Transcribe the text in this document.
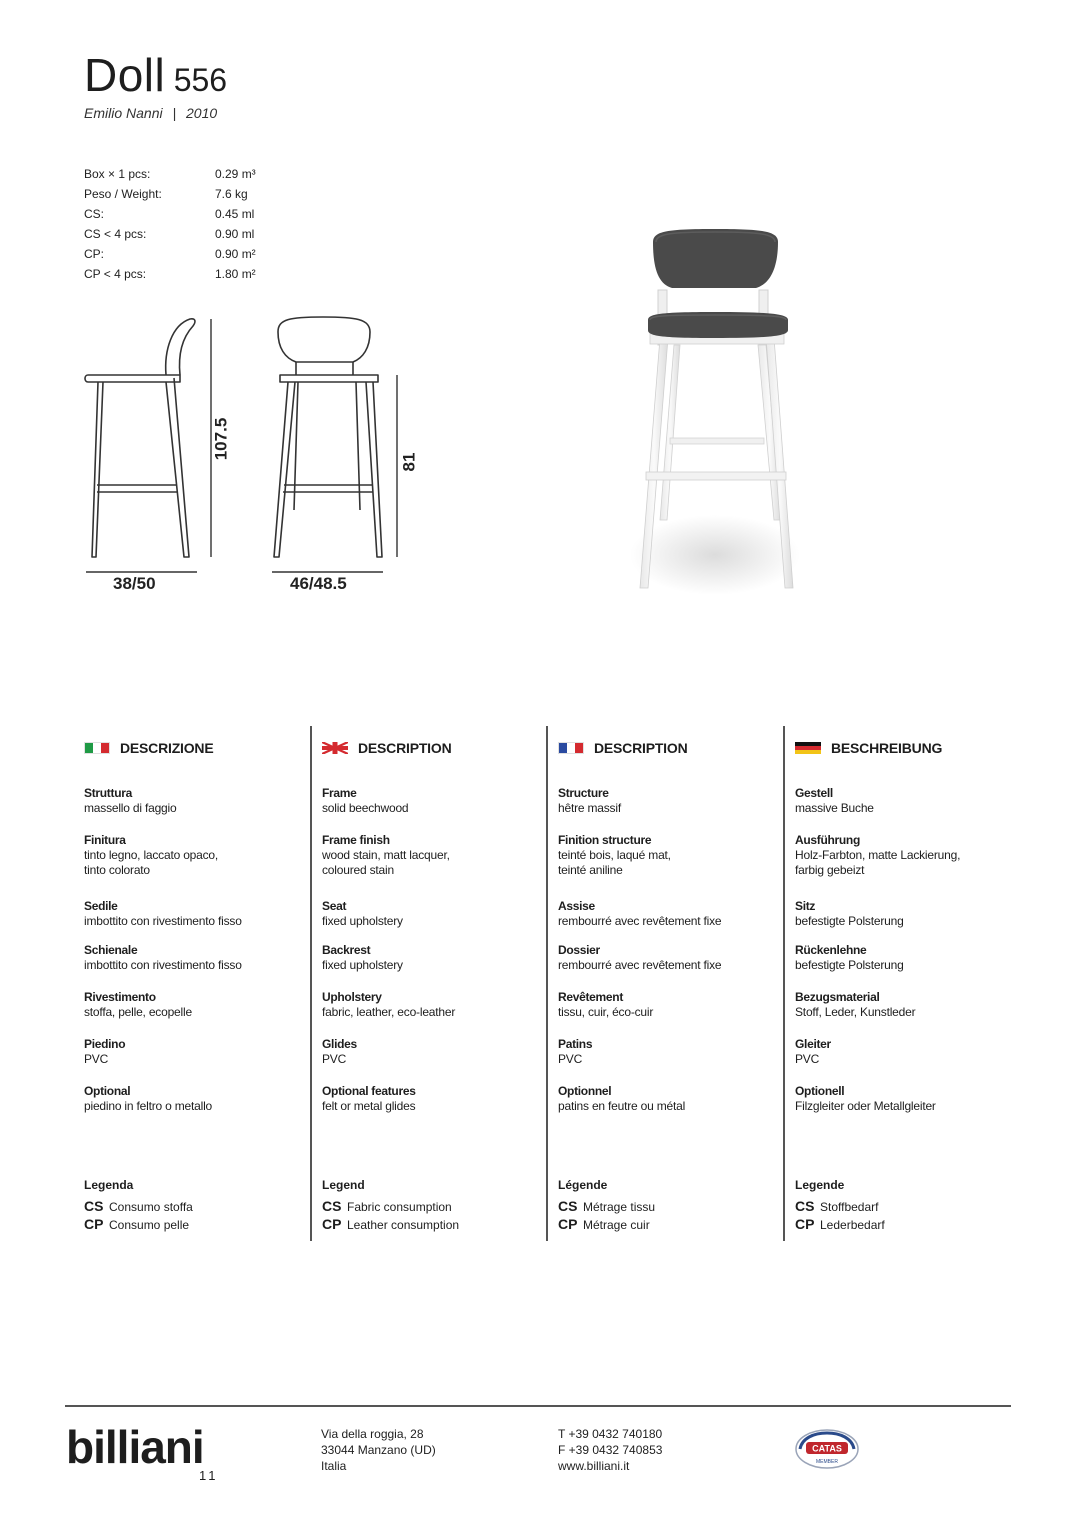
Doll 556
Emilio Nanni | 2010
Box × 1 pcs:	0.29 m³
Peso / Weight:	7.6 kg
CS:	0.45 ml
CS < 4 pcs:	0.90 ml
CP:	0.90 m²
CP < 4 pcs:	1.80 m²
107.5
38/50
81
46/48.5
DESCRIZIONE
Struttura
massello di faggio
Finitura
tinto legno, laccato opaco,
tinto colorato
Sedile
imbottito con rivestimento fisso
Schienale
imbottito con rivestimento fisso
Rivestimento
stoffa, pelle, ecopelle
Piedino
PVC
Optional
piedino in feltro o metallo
Legenda
CS Consumo stoffa
CP Consumo pelle
DESCRIPTION
Frame
solid beechwood
Frame finish
wood stain, matt lacquer,
coloured stain
Seat
fixed upholstery
Backrest
fixed upholstery
Upholstery
fabric, leather, eco-leather
Glides
PVC
Optional features
felt or metal glides
Legend
CS Fabric consumption
CP Leather consumption
DESCRIPTION
Structure
hêtre massif
Finition structure
teinté bois, laqué mat,
teinté aniline
Assise
rembourré avec revêtement fixe
Dossier
rembourré avec revêtement fixe
Revêtement
tissu, cuir, éco-cuir
Patins
PVC
Optionnel
patins en feutre ou métal
Légende
CS Métrage tissu
CP Métrage cuir
BESCHREIBUNG
Gestell
massive Buche
Ausführung
Holz-Farbton, matte Lackierung,
farbig gebeizt
Sitz
befestigte Polsterung
Rückenlehne
befestigte Polsterung
Bezugsmaterial
Stoff, Leder, Kunstleder
Gleiter
PVC
Optionell
Filzgleiter oder Metallgleiter
Legende
CS Stoffbedarf
CP Lederbedarf
billiani
11
Via della roggia, 28
33044 Manzano (UD)
Italia
T +39 0432 740180
F +39 0432 740853
www.billiani.it
CATAS
MEMBER
